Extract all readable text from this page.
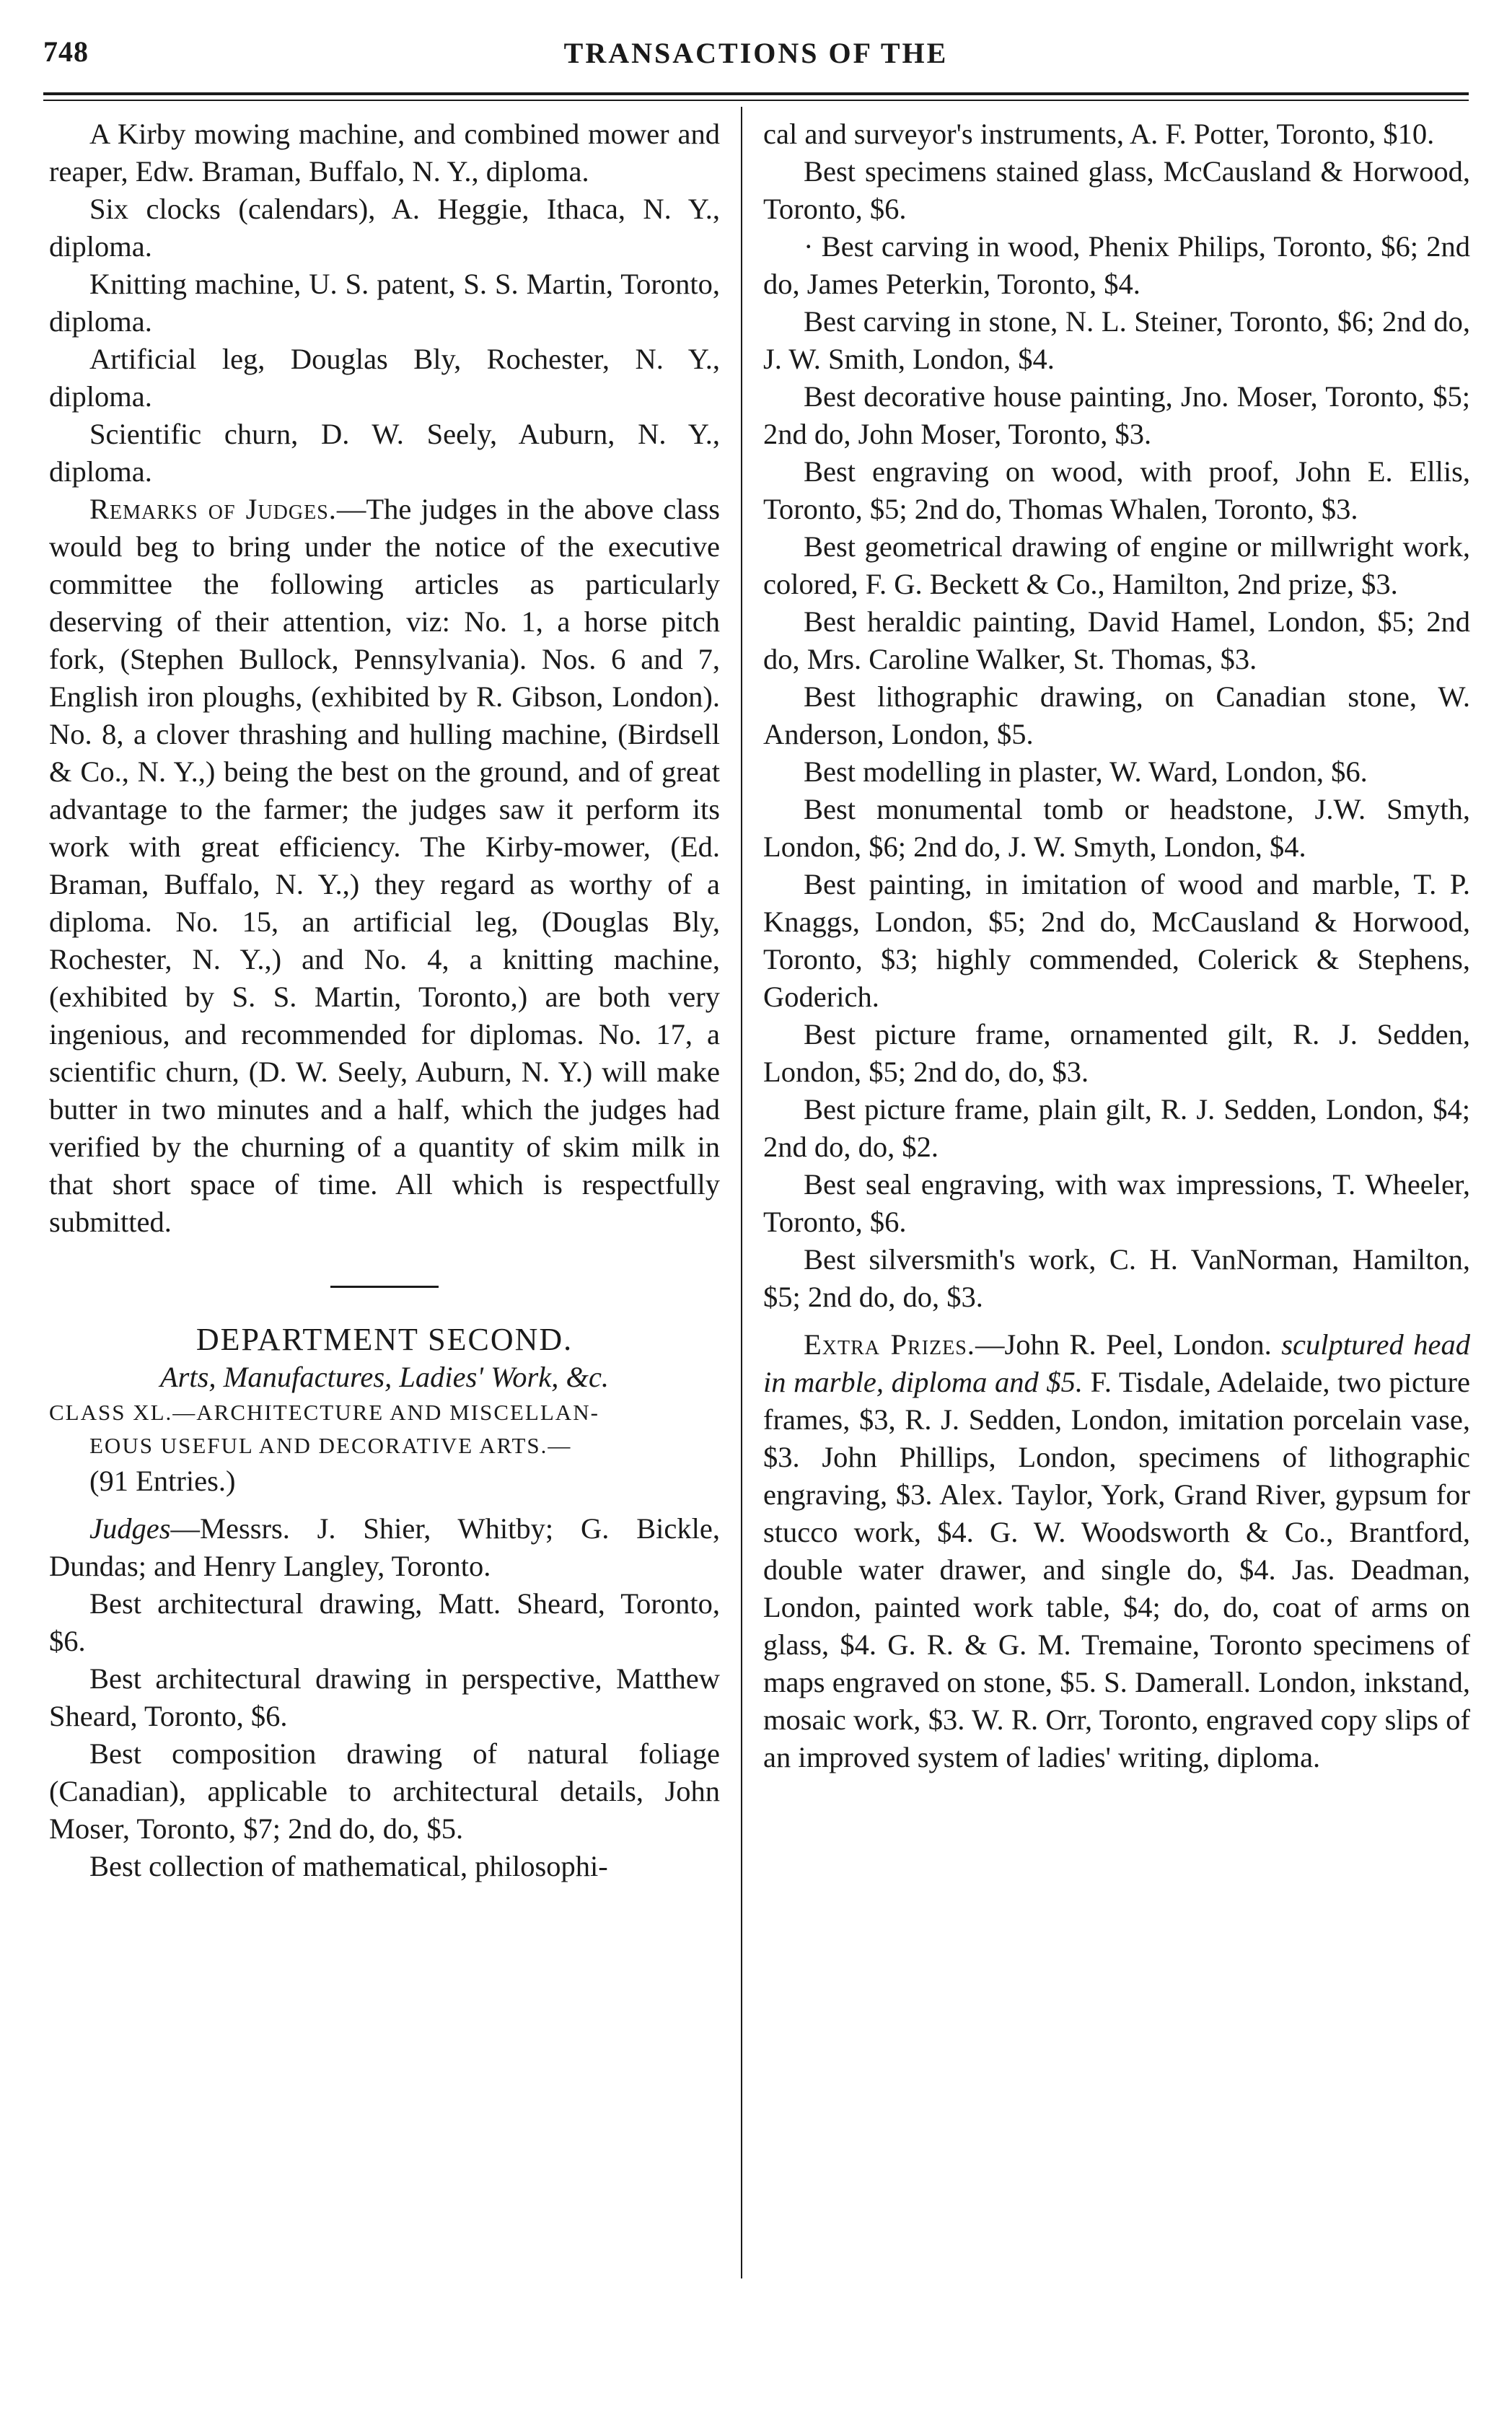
748	TRANSACTIONS OF THE

A Kirby mowing machine, and combined mower and reaper, Edw. Braman, Buffalo, N. Y., diploma.

Six clocks (calendars), A. Heggie, Ithaca, N. Y., diploma.

Knitting machine, U. S. patent, S. S. Martin, Toronto, diploma.

Artificial leg, Douglas Bly, Rochester, N. Y., diploma.

Scientific churn, D. W. Seely, Auburn, N. Y., diploma.

Remarks of Judges.—The judges in the above class would beg to bring under the notice of the executive committee the following articles as particularly deserving of their attention, viz: No. 1, a horse pitch fork, (Stephen Bullock, Pennsylvania). Nos. 6 and 7, English iron ploughs, (exhibited by R. Gibson, London). No. 8, a clover thrashing and hulling machine, (Birdsell & Co., N. Y.,) being the best on the ground, and of great advantage to the farmer; the judges saw it perform its work with great efficiency. The Kirby-mower, (Ed. Braman, Buffalo, N. Y.,) they regard as worthy of a diploma. No. 15, an artificial leg, (Douglas Bly, Rochester, N. Y.,) and No. 4, a knitting machine, (exhibited by S. S. Martin, Toronto,) are both very ingenious, and recommended for diplomas. No. 17, a scientific churn, (D. W. Seely, Auburn, N. Y.) will make butter in two minutes and a half, which the judges had verified by the churning of a quantity of skim milk in that short space of time. All which is respectfully submitted.

DEPARTMENT SECOND.

Arts, Manufactures, Ladies' Work, &c.

CLASS XL.—ARCHITECTURE AND MISCELLAN-
EOUS USEFUL AND DECORATIVE ARTS.—

(91 Entries.)

Judges—Messrs. J. Shier, Whitby; G. Bickle, Dundas; and Henry Langley, Toronto.

Best architectural drawing, Matt. Sheard, Toronto, $6.

Best architectural drawing in perspective, Matthew Sheard, Toronto, $6.

Best composition drawing of natural foliage (Canadian), applicable to architectural details, John Moser, Toronto, $7; 2nd do, do, $5.

Best collection of mathematical, philosophi-

cal and surveyor's instruments, A. F. Potter, Toronto, $10.

Best specimens stained glass, McCausland & Horwood, Toronto, $6.

· Best carving in wood, Phenix Philips, Toronto, $6; 2nd do, James Peterkin, Toronto, $4.

Best carving in stone, N. L. Steiner, Toronto, $6; 2nd do, J. W. Smith, London, $4.

Best decorative house painting, Jno. Moser, Toronto, $5; 2nd do, John Moser, Toronto, $3.

Best engraving on wood, with proof, John E. Ellis, Toronto, $5; 2nd do, Thomas Whalen, Toronto, $3.

Best geometrical drawing of engine or millwright work, colored, F. G. Beckett & Co., Hamilton, 2nd prize, $3.

Best heraldic painting, David Hamel, London, $5; 2nd do, Mrs. Caroline Walker, St. Thomas, $3.

Best lithographic drawing, on Canadian stone, W. Anderson, London, $5.

Best modelling in plaster, W. Ward, London, $6.

Best monumental tomb or headstone, J.W. Smyth, London, $6; 2nd do, J. W. Smyth, London, $4.

Best painting, in imitation of wood and marble, T. P. Knaggs, London, $5; 2nd do, McCausland & Horwood, Toronto, $3; highly commended, Colerick & Stephens, Goderich.

Best picture frame, ornamented gilt, R. J. Sedden, London, $5; 2nd do, do, $3.

Best picture frame, plain gilt, R. J. Sedden, London, $4; 2nd do, do, $2.

Best seal engraving, with wax impressions, T. Wheeler, Toronto, $6.

Best silversmith's work, C. H. VanNorman, Hamilton, $5; 2nd do, do, $3.

Extra Prizes.—John R. Peel, London. sculptured head in marble, diploma and $5. F. Tisdale, Adelaide, two picture frames, $3, R. J. Sedden, London, imitation porcelain vase, $3. John Phillips, London, specimens of lithographic engraving, $3. Alex. Taylor, York, Grand River, gypsum for stucco work, $4. G. W. Woodsworth & Co., Brantford, double water drawer, and single do, $4. Jas. Deadman, London, painted work table, $4; do, do, coat of arms on glass, $4. G. R. & G. M. Tremaine, Toronto specimens of maps engraved on stone, $5. S. Damerall. London, inkstand, mosaic work, $3. W. R. Orr, Toronto, engraved copy slips of an improved system of ladies' writing, diploma.
